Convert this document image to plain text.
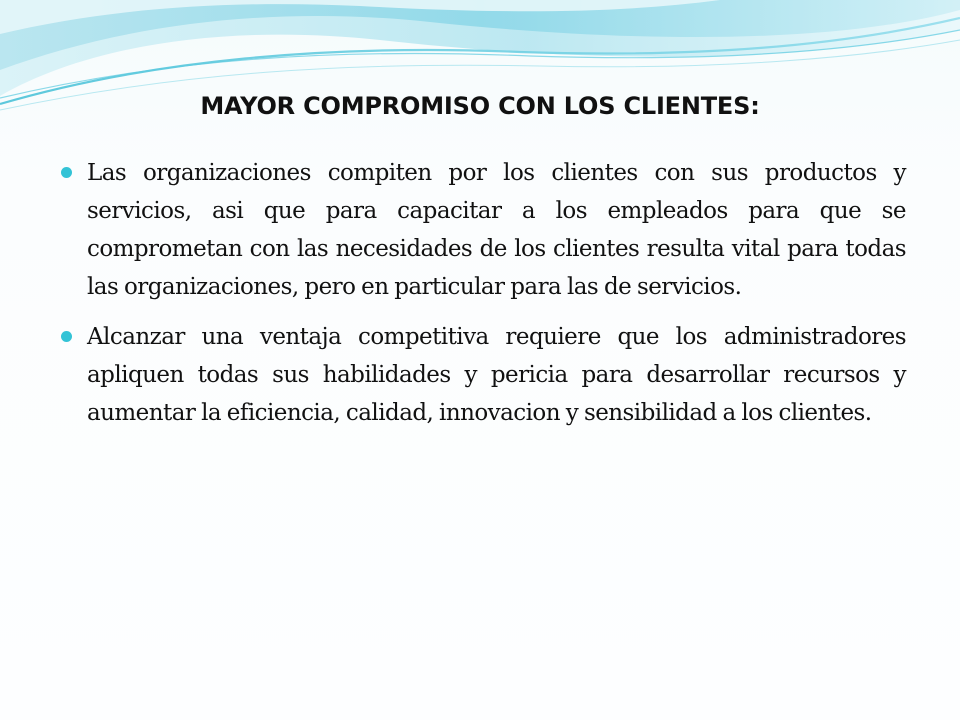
MAYOR COMPROMISO CON LOS CLIENTES:
Las organizaciones compiten por los clientes con sus productos y servicios, asi que para capacitar a los empleados para que se comprometan con las necesidades de los clientes resulta vital para todas las organizaciones, pero en particular para las de servicios.
Alcanzar una ventaja competitiva requiere que los administradores apliquen todas sus habilidades y pericia para desarrollar recursos y aumentar la eficiencia, calidad, innovacion y sensibilidad a los clientes.
